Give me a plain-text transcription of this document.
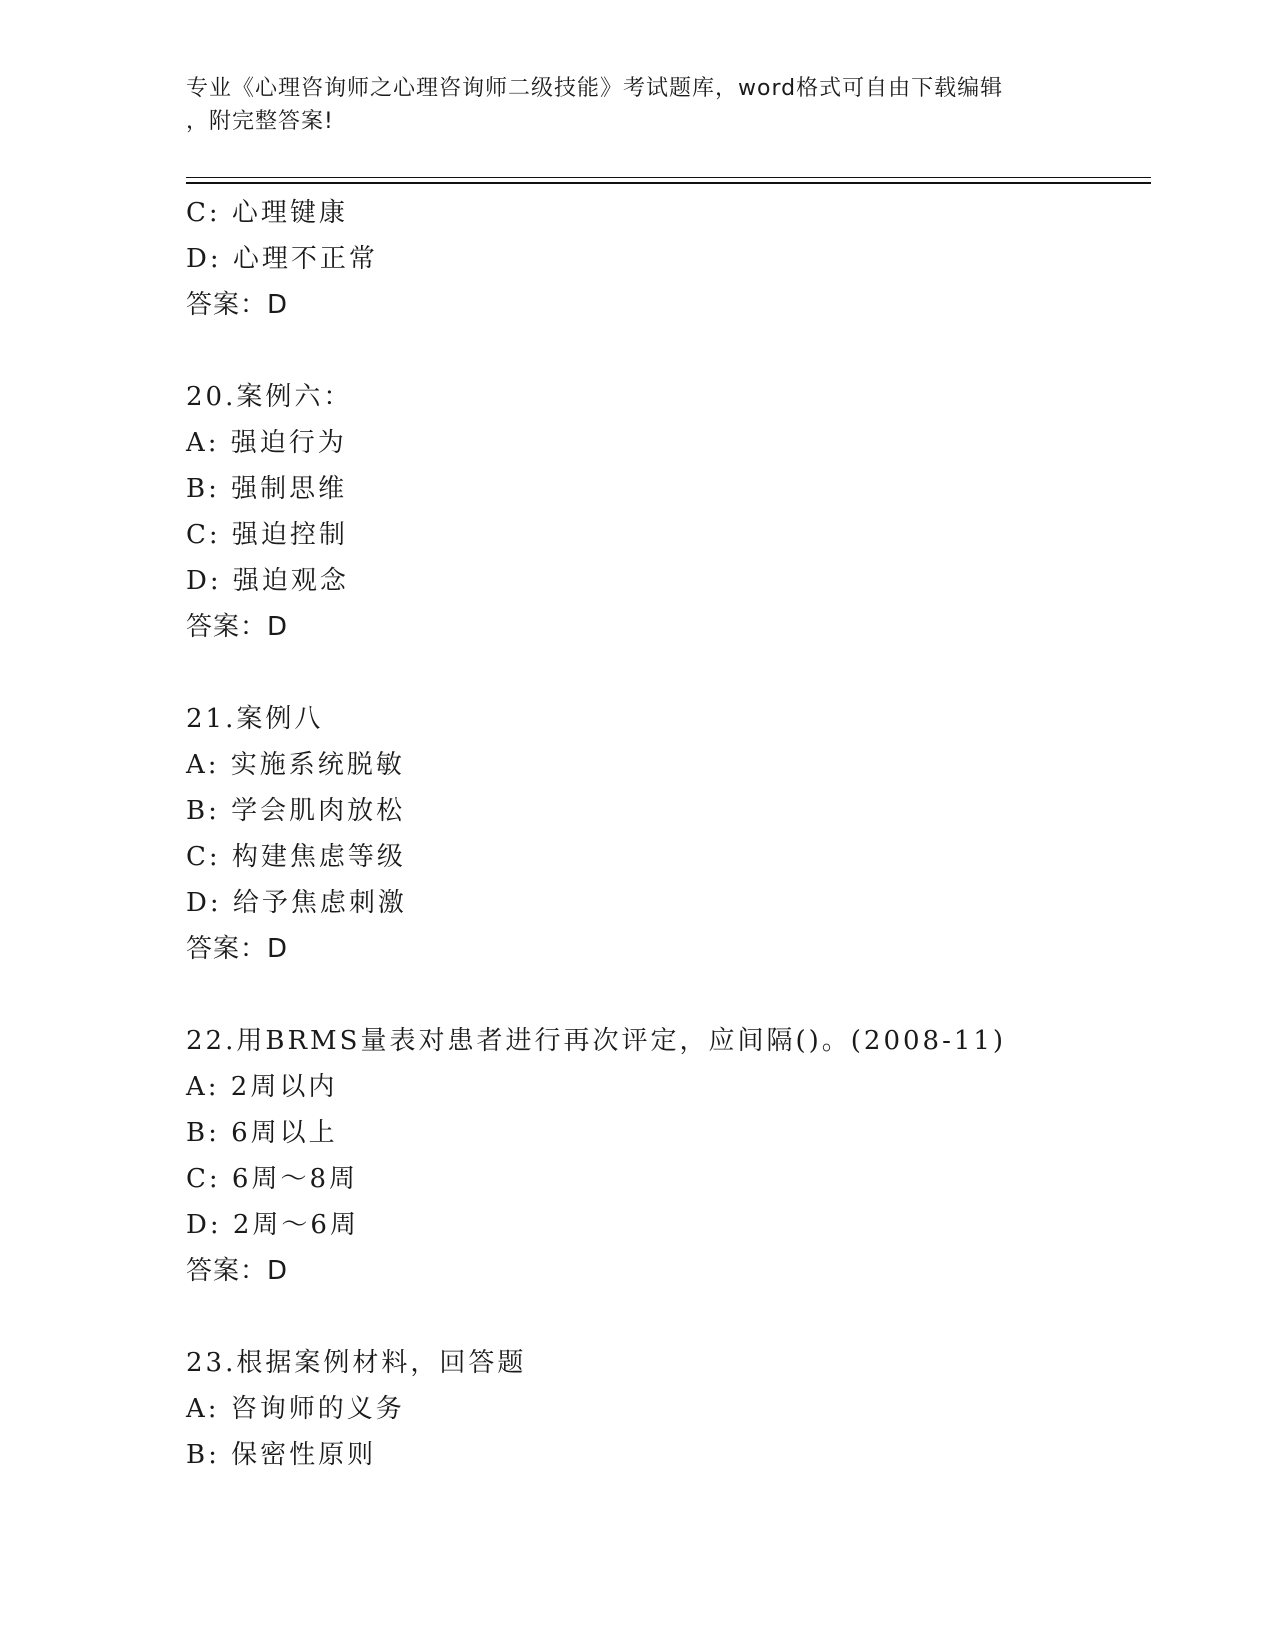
专业《心理咨询师之心理咨询师二级技能》考试题库，word格式可自由下载编辑
，附完整答案!
C: 心理键康
D: 心理不正常
答案：D
20.案例六：
A: 强迫行为
B: 强制思维
C: 强迫控制
D: 强迫观念
答案：D
21.案例八
A: 实施系统脱敏
B: 学会肌肉放松
C: 构建焦虑等级
D: 给予焦虑刺激
答案：D
22.用BRMS量表对患者进行再次评定，应间隔()。(2008-11)
A: 2周以内
B: 6周以上
C: 6周～8周
D: 2周～6周
答案：D
23.根据案例材料，回答题
A: 咨询师的义务
B: 保密性原则
